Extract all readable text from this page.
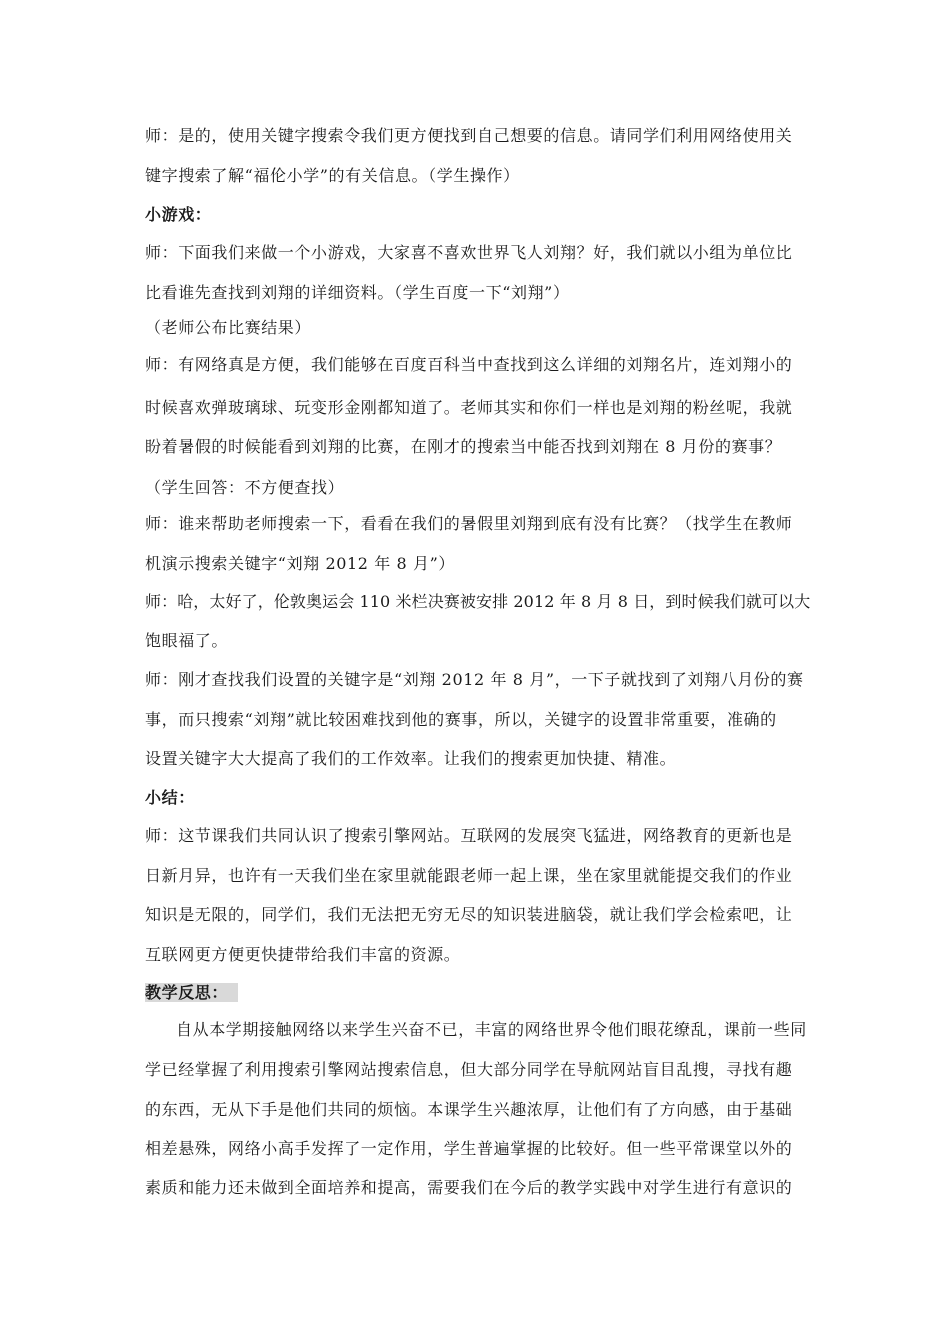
师：是的，使用关键字搜索令我们更方便找到自己想要的信息。请同学们利用网络使用关
键字搜索了解“福伦小学”的有关信息。（学生操作）
小游戏：
师：下面我们来做一个小游戏，大家喜不喜欢世界飞人刘翔？好，我们就以小组为单位比
比看谁先查找到刘翔的详细资料。（学生百度一下“刘翔”）
（老师公布比赛结果）
师：有网络真是方便，我们能够在百度百科当中查找到这么详细的刘翔名片，连刘翔小的
时候喜欢弹玻璃球、玩变形金刚都知道了。老师其实和你们一样也是刘翔的粉丝呢，我就
盼着暑假的时候能看到刘翔的比赛，在刚才的搜索当中能否找到刘翔在 8 月份的赛事？
（学生回答：不方便查找）
师：谁来帮助老师搜索一下，看看在我们的暑假里刘翔到底有没有比赛？（找学生在教师
机演示搜索关键字“刘翔 2012 年 8 月”）
师：哈，太好了，伦敦奥运会 110 米栏决赛被安排 2012 年 8 月 8 日，到时候我们就可以大
饱眼福了。
师：刚才查找我们设置的关键字是“刘翔 2012 年 8 月”，一下子就找到了刘翔八月份的赛
事，而只搜索“刘翔”就比较困难找到他的赛事，所以，关键字的设置非常重要，准确的
设置关键字大大提高了我们的工作效率。让我们的搜索更加快捷、精准。
小结：
师：这节课我们共同认识了搜索引擎网站。互联网的发展突飞猛进，网络教育的更新也是
日新月异，也许有一天我们坐在家里就能跟老师一起上课，坐在家里就能提交我们的作业
知识是无限的，同学们，我们无法把无穷无尽的知识装进脑袋，就让我们学会检索吧，让
互联网更方便更快捷带给我们丰富的资源。
教学反思：
自从本学期接触网络以来学生兴奋不已，丰富的网络世界令他们眼花缭乱，课前一些同
学已经掌握了利用搜索引擎网站搜索信息，但大部分同学在导航网站盲目乱搜，寻找有趣
的东西，无从下手是他们共同的烦恼。本课学生兴趣浓厚，让他们有了方向感，由于基础
相差悬殊，网络小高手发挥了一定作用，学生普遍掌握的比较好。但一些平常课堂以外的
素质和能力还未做到全面培养和提高，需要我们在今后的教学实践中对学生进行有意识的
